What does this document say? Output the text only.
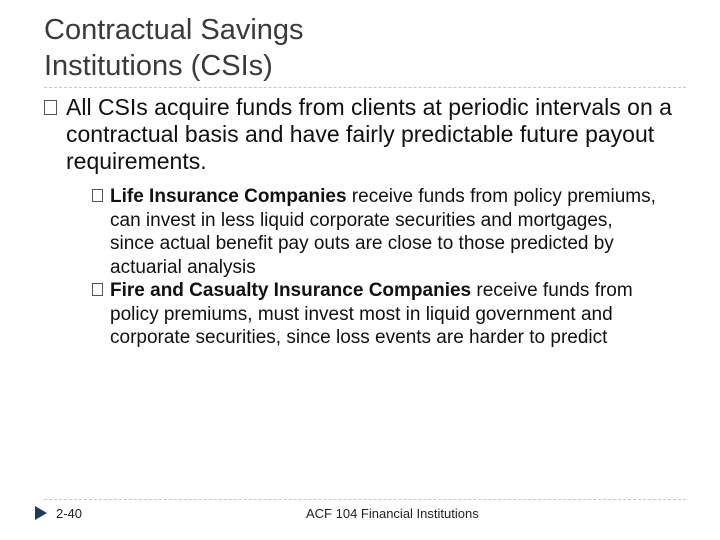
Contractual Savings
Institutions (CSIs)
All CSIs acquire funds from clients at periodic intervals on a contractual basis and have fairly predictable future payout requirements.
Life Insurance Companies receive funds from policy premiums, can invest in less liquid corporate securities and mortgages,
since actual benefit pay outs are close to those predicted by actuarial analysis
Fire and Casualty Insurance Companies receive funds from policy premiums, must invest most in liquid government and corporate securities, since loss events are harder to predict
2-40	ACF 104 Financial Institutions
